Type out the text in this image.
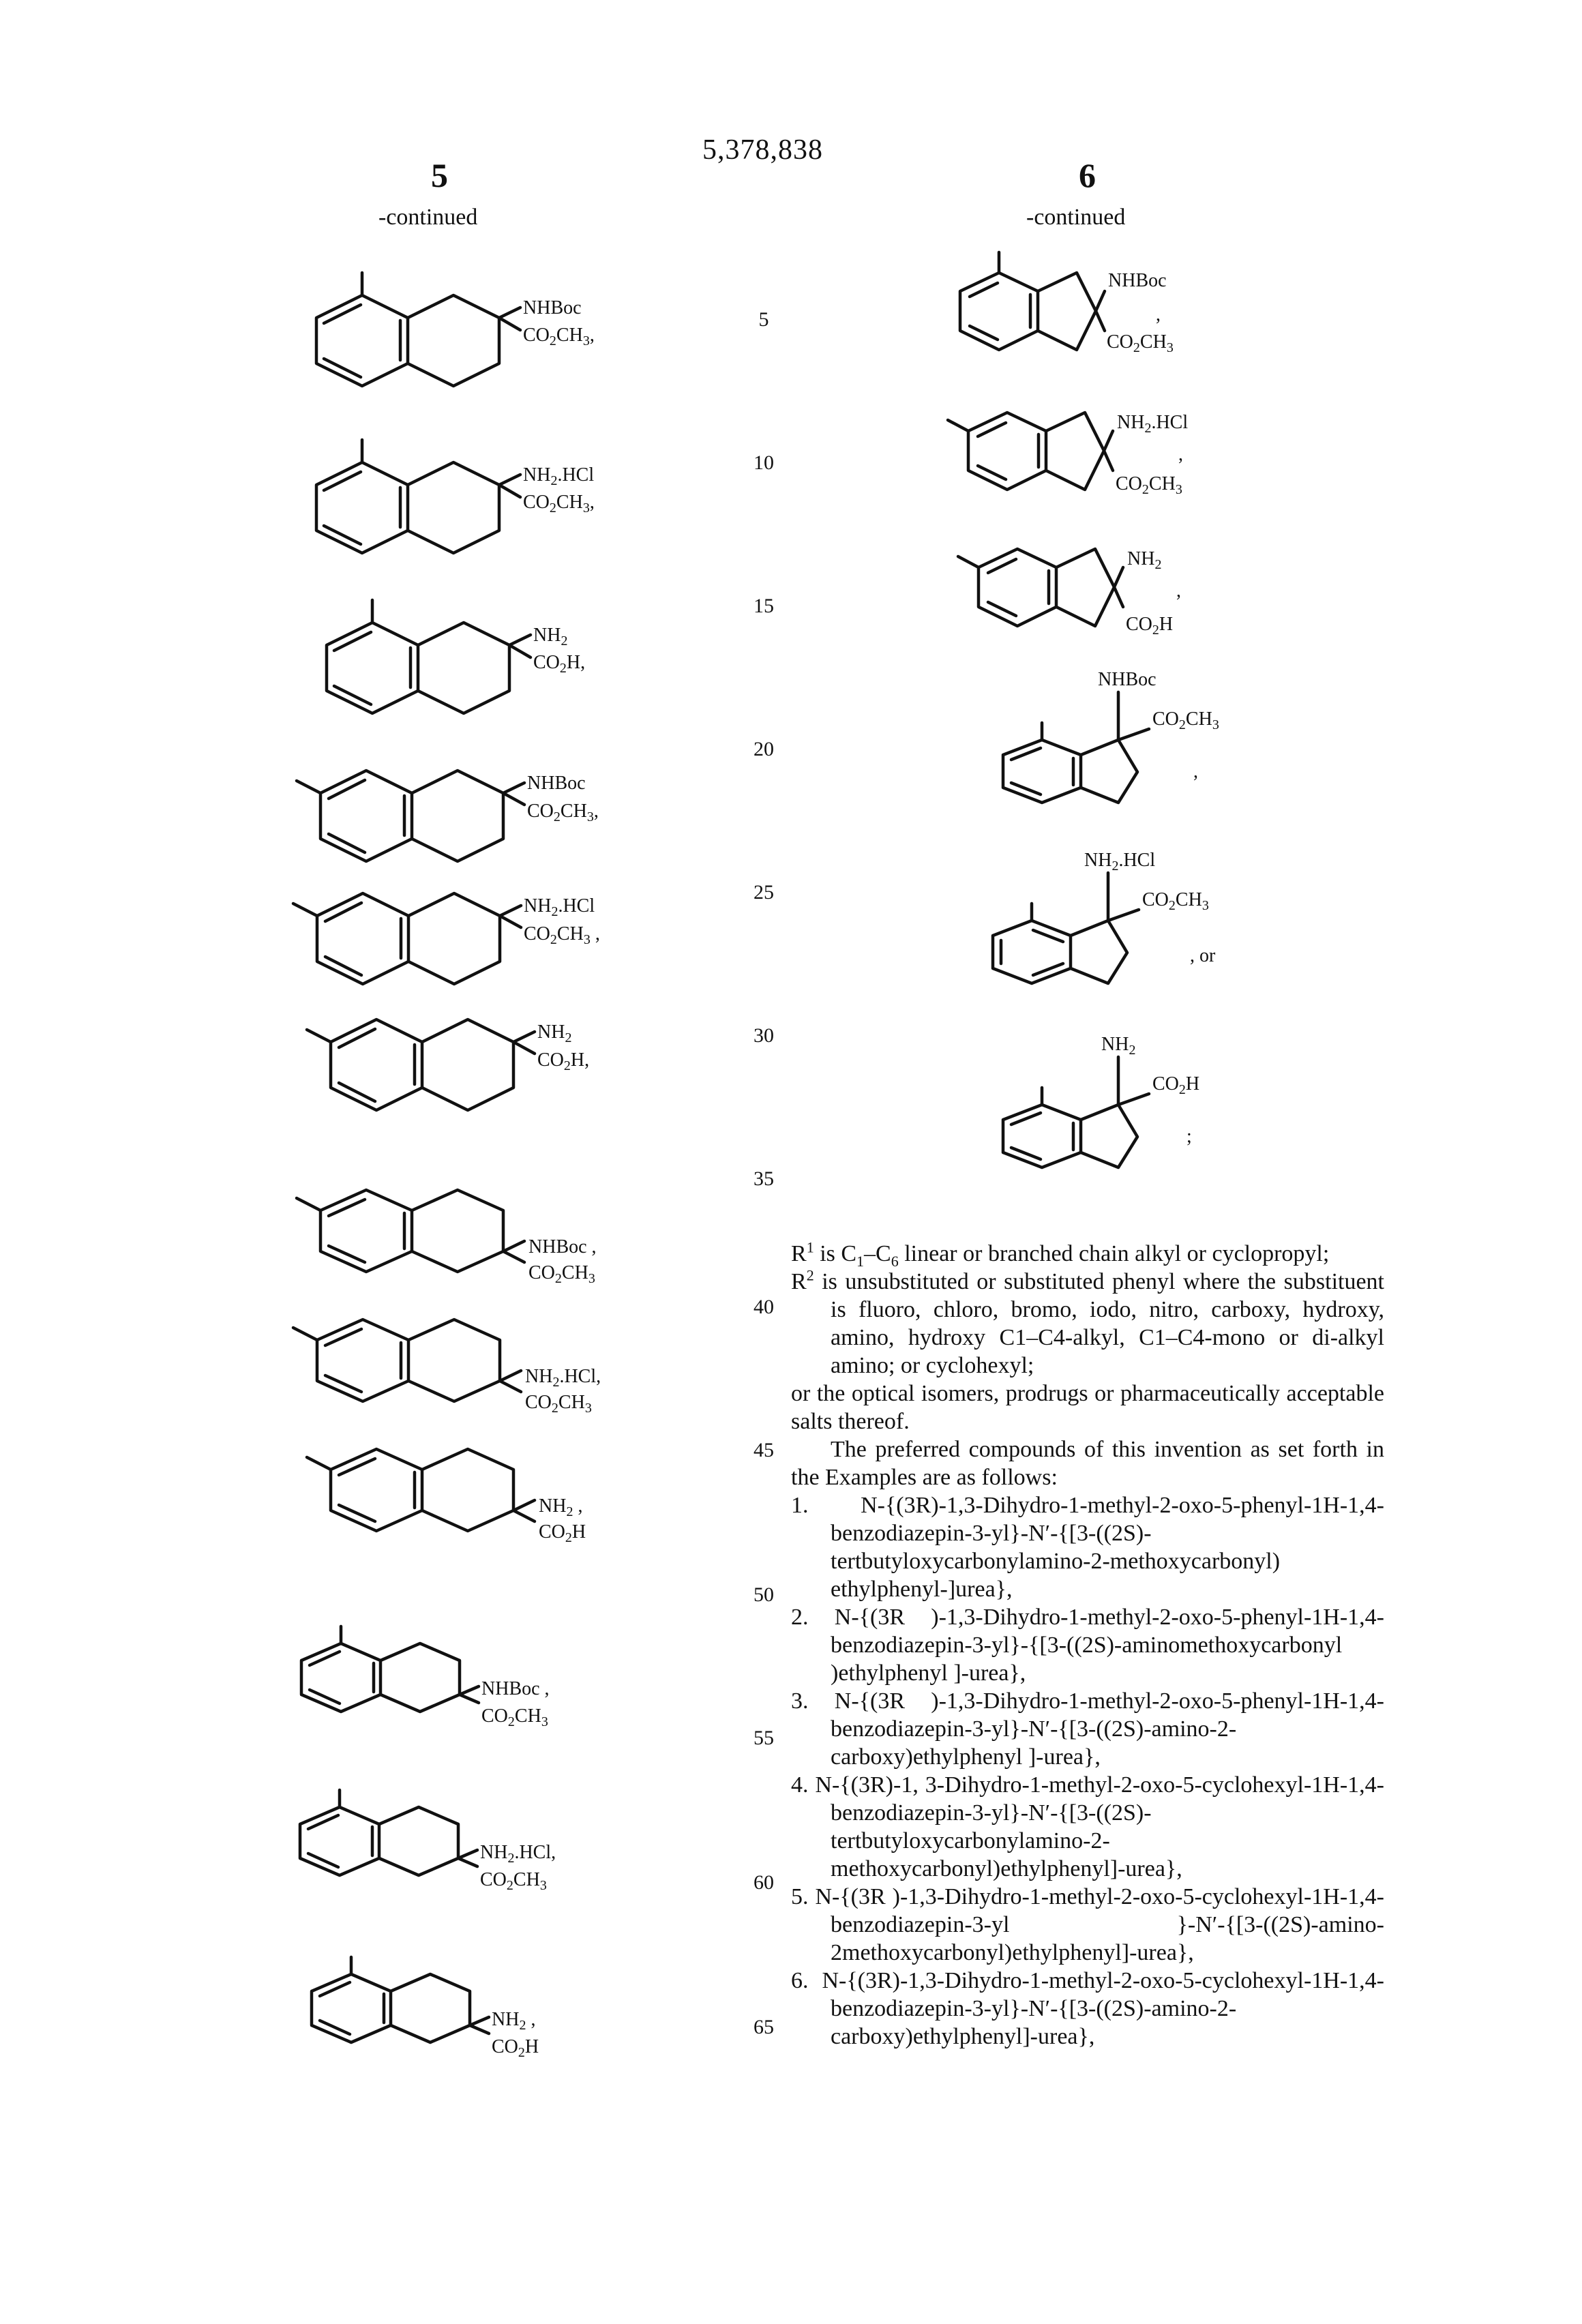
5,378,838
5	6
-continued	-continued
5
10
15
20
25
30
35
40
45
50
55
60
65
NHBoc
$CO_2CH_3$,
$NH_2.HCl$
$CO_2CH_3$,
$NH_2$
$CO_2H$,
NHBoc
$CO_2CH_3$,
$NH_2.HCl$
$CO_2CH_3$ ,
$NH_2$
$CO_2H$,
NHBoc ,
$CO_2CH_3$
$NH_2.HCl$,
$CO_2CH_3$
$NH_2$ ,
$CO_2H$
NHBoc ,
$CO_2CH_3$
$NH_2.HCl$,
$CO_2CH_3$
$NH_2$ ,
$CO_2H$
NHBoc
,
$CO_2CH_3$
$NH_2.HCl$
,
$CO_2CH_3$
$NH_2$
,
$CO_2H$
NHBoc
$CO_2CH_3$
,
$NH_2.HCl$
$CO_2CH_3$
, or
$NH_2$
$CO_2H$
;

$R^1$ is $C_1-C_6$ linear or branched chain alkyl or cyclopropyl;

$R^2$ is unsubstituted or substituted phenyl where the substituent is fluoro, chloro, bromo, iodo, nitro, carboxy, hydroxy, amino, hydroxy C1–C4-alkyl, C1–C4-mono or di-alkyl amino; or cyclohexyl;

or the optical isomers, prodrugs or pharmaceutically acceptable salts thereof.

The preferred compounds of this invention as set forth in the Examples are as follows:

1. N-{(3R)-1,3-Dihydro-1-methyl-2-oxo-5-phenyl-1H-1,4-benzodiazepin-3-yl}-N′-{[3-((2S)-tertbutyloxycarbonylamino-2-methoxycarbonyl) ethylphenyl-]urea},

2. N-{(3R )-1,3-Dihydro-1-methyl-2-oxo-5-phenyl-1H-1,4-benzodiazepin-3-yl}-{[3-((2S)-aminomethoxycarbonyl )ethylphenyl ]-urea},

3. N-{(3R )-1,3-Dihydro-1-methyl-2-oxo-5-phenyl-1H-1,4-benzodiazepin-3-yl}-N′-{[3-((2S)-amino-2-carboxy)ethylphenyl ]-urea},

4. N-{(3R)-1, 3-Dihydro-1-methyl-2-oxo-5-cyclohexyl-1H-1,4-benzodiazepin-3-yl}-N′-{[3-((2S)-tertbutyloxycarbonylamino-2-methoxycarbonyl)ethylphenyl]-urea},

5. N-{(3R )-1,3-Dihydro-1-methyl-2-oxo-5-cyclohexyl-1H-1,4-benzodiazepin-3-yl }-N′-{[3-((2S)-amino-2methoxycarbonyl)ethylphenyl]-urea},

6. N-{(3R)-1,3-Dihydro-1-methyl-2-oxo-5-cyclohexyl-1H-1,4-benzodiazepin-3-yl}-N′-{[3-((2S)-amino-2-carboxy)ethylphenyl]-urea},
